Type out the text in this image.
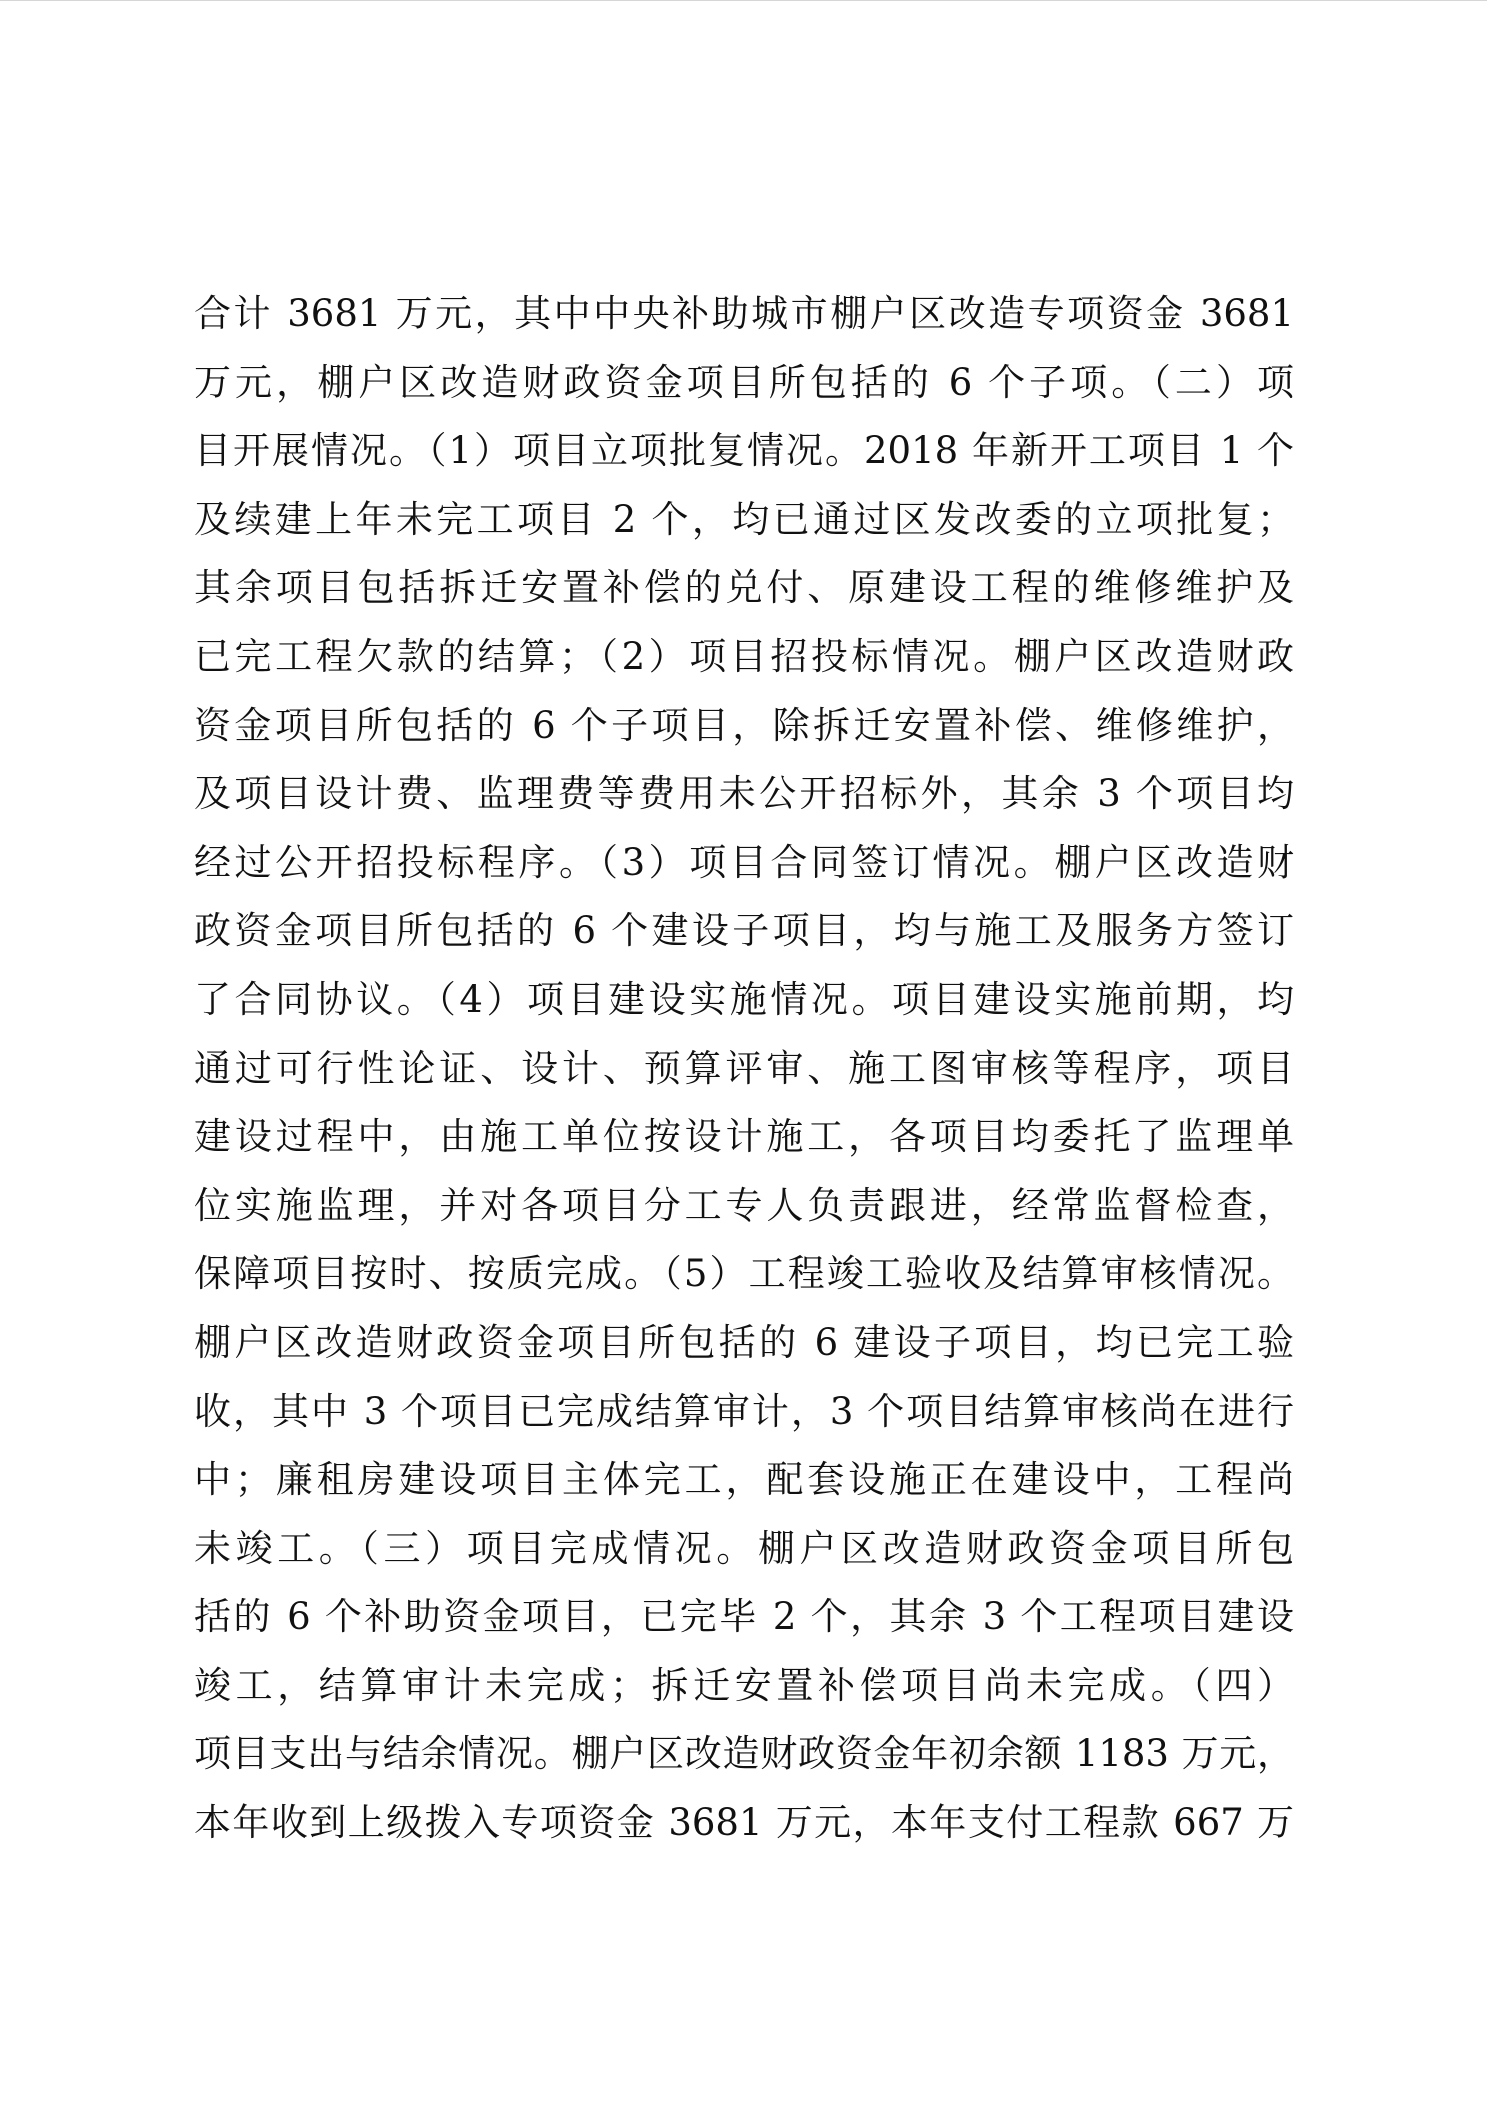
合计 3681 万元，其中中央补助城市棚户区改造专项资金 3681
万元，棚户区改造财政资金项目所包括的 6 个子项。（二）项
目开展情况。（1）项目立项批复情况。2018 年新开工项目 1 个
及续建上年未完工项目 2 个，均已通过区发改委的立项批复；
其余项目包括拆迁安置补偿的兑付、原建设工程的维修维护及
已完工程欠款的结算；（2）项目招投标情况。棚户区改造财政
资金项目所包括的 6 个子项目，除拆迁安置补偿、维修维护，
及项目设计费、监理费等费用未公开招标外，其余 3 个项目均
经过公开招投标程序。（3）项目合同签订情况。棚户区改造财
政资金项目所包括的 6 个建设子项目，均与施工及服务方签订
了合同协议。（4）项目建设实施情况。项目建设实施前期，均
通过可行性论证、设计、预算评审、施工图审核等程序，项目
建设过程中，由施工单位按设计施工，各项目均委托了监理单
位实施监理，并对各项目分工专人负责跟进，经常监督检查，
保障项目按时、按质完成。（5）工程竣工验收及结算审核情况。
棚户区改造财政资金项目所包括的 6 建设子项目，均已完工验
收，其中 3 个项目已完成结算审计，3 个项目结算审核尚在进行
中；廉租房建设项目主体完工，配套设施正在建设中，工程尚
未竣工。（三）项目完成情况。棚户区改造财政资金项目所包
括的 6 个补助资金项目，已完毕 2 个，其余 3 个工程项目建设
竣工，结算审计未完成；拆迁安置补偿项目尚未完成。（四）
项目支出与结余情况。棚户区改造财政资金年初余额 1183 万元，
本年收到上级拨入专项资金 3681 万元，本年支付工程款 667 万
